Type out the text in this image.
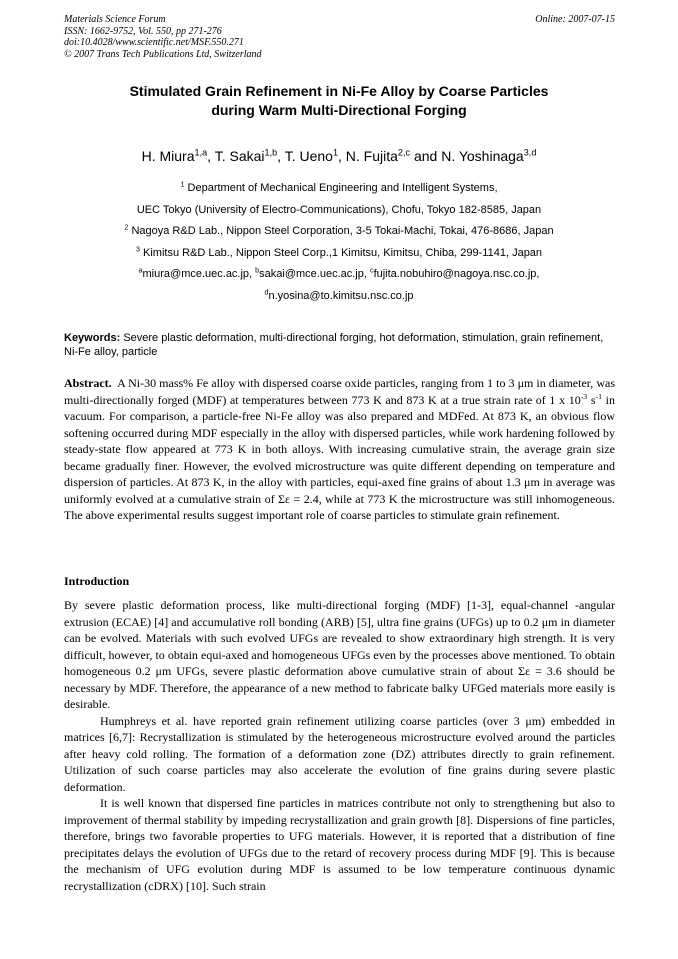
Materials Science Forum
ISSN: 1662-9752, Vol. 550, pp 271-276
doi:10.4028/www.scientific.net/MSF.550.271
© 2007 Trans Tech Publications Ltd, Switzerland
Online: 2007-07-15
Stimulated Grain Refinement in Ni-Fe Alloy by Coarse Particles
during Warm Multi-Directional Forging
H. Miura$^{1,a}$, T. Sakai$^{1,b}$, T. Ueno$^1$, N. Fujita$^{2,c}$ and N. Yoshinaga$^{3,d}$
$^1$ Department of Mechanical Engineering and Intelligent Systems,
UEC Tokyo (University of Electro-Communications), Chofu, Tokyo 182-8585, Japan
$^2$ Nagoya R&D Lab., Nippon Steel Corporation, 3-5 Tokai-Machi, Tokai, 476-8686, Japan
$^3$ Kimitsu R&D Lab., Nippon Steel Corp.,1 Kimitsu, Kimitsu, Chiba, 299-1141, Japan
$^a$miura@mce.uec.ac.jp, $^b$sakai@mce.uec.ac.jp, $^c$fujita.nobuhiro@nagoya.nsc.co.jp,
$^d$n.yosina@to.kimitsu.nsc.co.jp
Keywords: Severe plastic deformation, multi-directional forging, hot deformation, stimulation, grain refinement, Ni-Fe alloy, particle
Abstract. A Ni-30 mass% Fe alloy with dispersed coarse oxide particles, ranging from 1 to 3 μm in diameter, was multi-directionally forged (MDF) at temperatures between 773 K and 873 K at a true strain rate of 1 x $10^{-3}$ $s^{-1}$ in vacuum. For comparison, a particle-free Ni-Fe alloy was also prepared and MDFed. At 873 K, an obvious flow softening occurred during MDF especially in the alloy with dispersed particles, while work hardening followed by steady-state flow appeared at 773 K in both alloys. With increasing cumulative strain, the average grain size became gradually finer. However, the evolved microstructure was quite different depending on temperature and dispersion of particles. At 873 K, in the alloy with particles, equi-axed fine grains of about 1.3 μm in average was uniformly evolved at a cumulative strain of Σε = 2.4, while at 773 K the microstructure was still inhomogeneous. The above experimental results suggest important role of coarse particles to stimulate grain refinement.
Introduction

By severe plastic deformation process, like multi-directional forging (MDF) [1-3], equal-channel -angular extrusion (ECAE) [4] and accumulative roll bonding (ARB) [5], ultra fine grains (UFGs) up to 0.2 μm in diameter can be evolved. Materials with such evolved UFGs are revealed to show extraordinary high strength. It is very difficult, however, to obtain equi-axed and homogeneous UFGs even by the processes above mentioned. To obtain homogeneous 0.2 μm UFGs, severe plastic deformation above cumulative strain of about Σε = 3.6 should be necessary by MDF. Therefore, the appearance of a new method to fabricate balky UFGed materials more easily is desirable.

Humphreys et al. have reported grain refinement utilizing coarse particles (over 3 μm) embedded in matrices [6,7]: Recrystallization is stimulated by the heterogeneous microstructure evolved around the particles after heavy cold rolling. The formation of a deformation zone (DZ) attributes directly to grain refinement. Utilization of such coarse particles may also accelerate the evolution of fine grains during severe plastic deformation.

It is well known that dispersed fine particles in matrices contribute not only to strengthening but also to improvement of thermal stability by impeding recrystallization and grain growth [8]. Dispersions of fine particles, therefore, brings two favorable properties to UFG materials. However, it is reported that a distribution of fine precipitates delays the evolution of UFGs due to the retard of recovery process during MDF [9]. This is because the mechanism of UFG evolution during MDF is assumed to be low temperature continuous dynamic recrystallization (cDRX) [10]. Such strain
